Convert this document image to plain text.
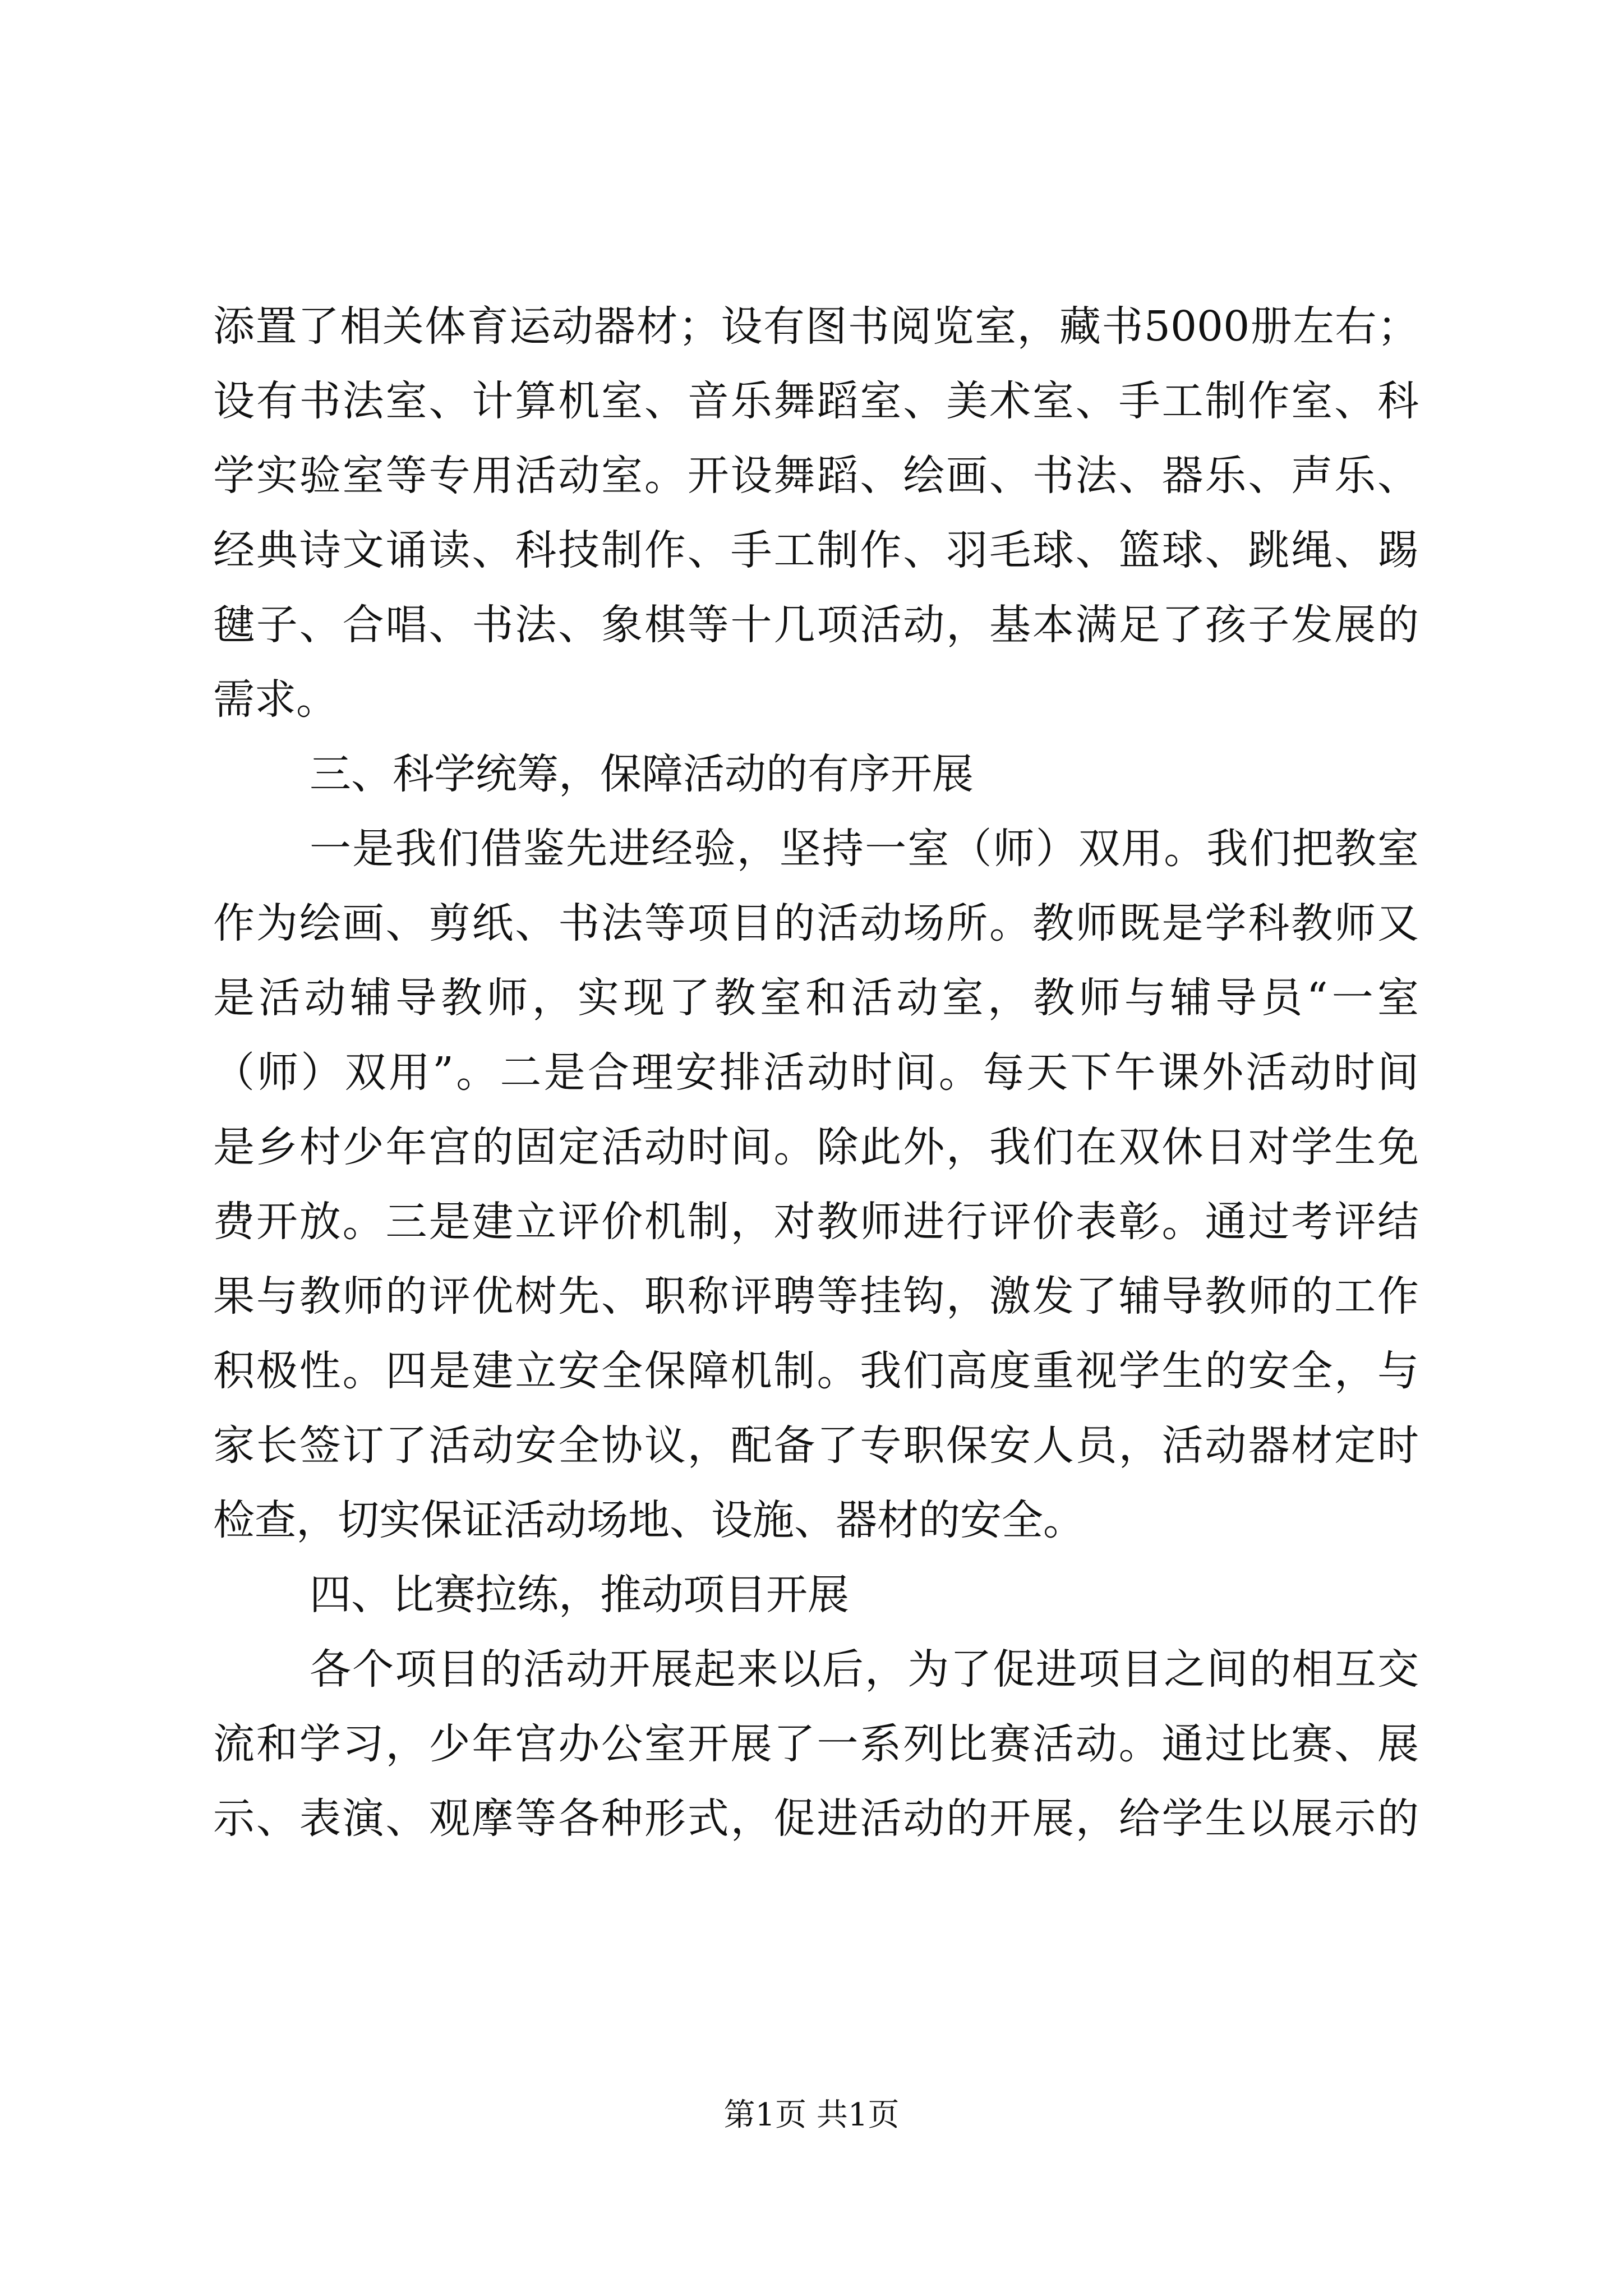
添置了相关体育运动器材；设有图书阅览室，藏书5000册左右；
设有书法室、计算机室、音乐舞蹈室、美术室、手工制作室、科
学实验室等专用活动室。开设舞蹈、绘画、书法、器乐、声乐、
经典诗文诵读、科技制作、手工制作、羽毛球、篮球、跳绳、踢
毽子、合唱、书法、象棋等十几项活动，基本满足了孩子发展的
需求。
三、科学统筹，保障活动的有序开展
一是我们借鉴先进经验，坚持一室（师）双用。我们把教室
作为绘画、剪纸、书法等项目的活动场所。教师既是学科教师又
是活动辅导教师，实现了教室和活动室，教师与辅导员“一室
（师）双用”。二是合理安排活动时间。每天下午课外活动时间
是乡村少年宫的固定活动时间。除此外，我们在双休日对学生免
费开放。三是建立评价机制，对教师进行评价表彰。通过考评结
果与教师的评优树先、职称评聘等挂钩，激发了辅导教师的工作
积极性。四是建立安全保障机制。我们高度重视学生的安全，与
家长签订了活动安全协议，配备了专职保安人员，活动器材定时
检查，切实保证活动场地、设施、器材的安全。
四、比赛拉练，推动项目开展
各个项目的活动开展起来以后，为了促进项目之间的相互交
流和学习，少年宫办公室开展了一系列比赛活动。通过比赛、展
示、表演、观摩等各种形式，促进活动的开展，给学生以展示的
第1页 共1页
